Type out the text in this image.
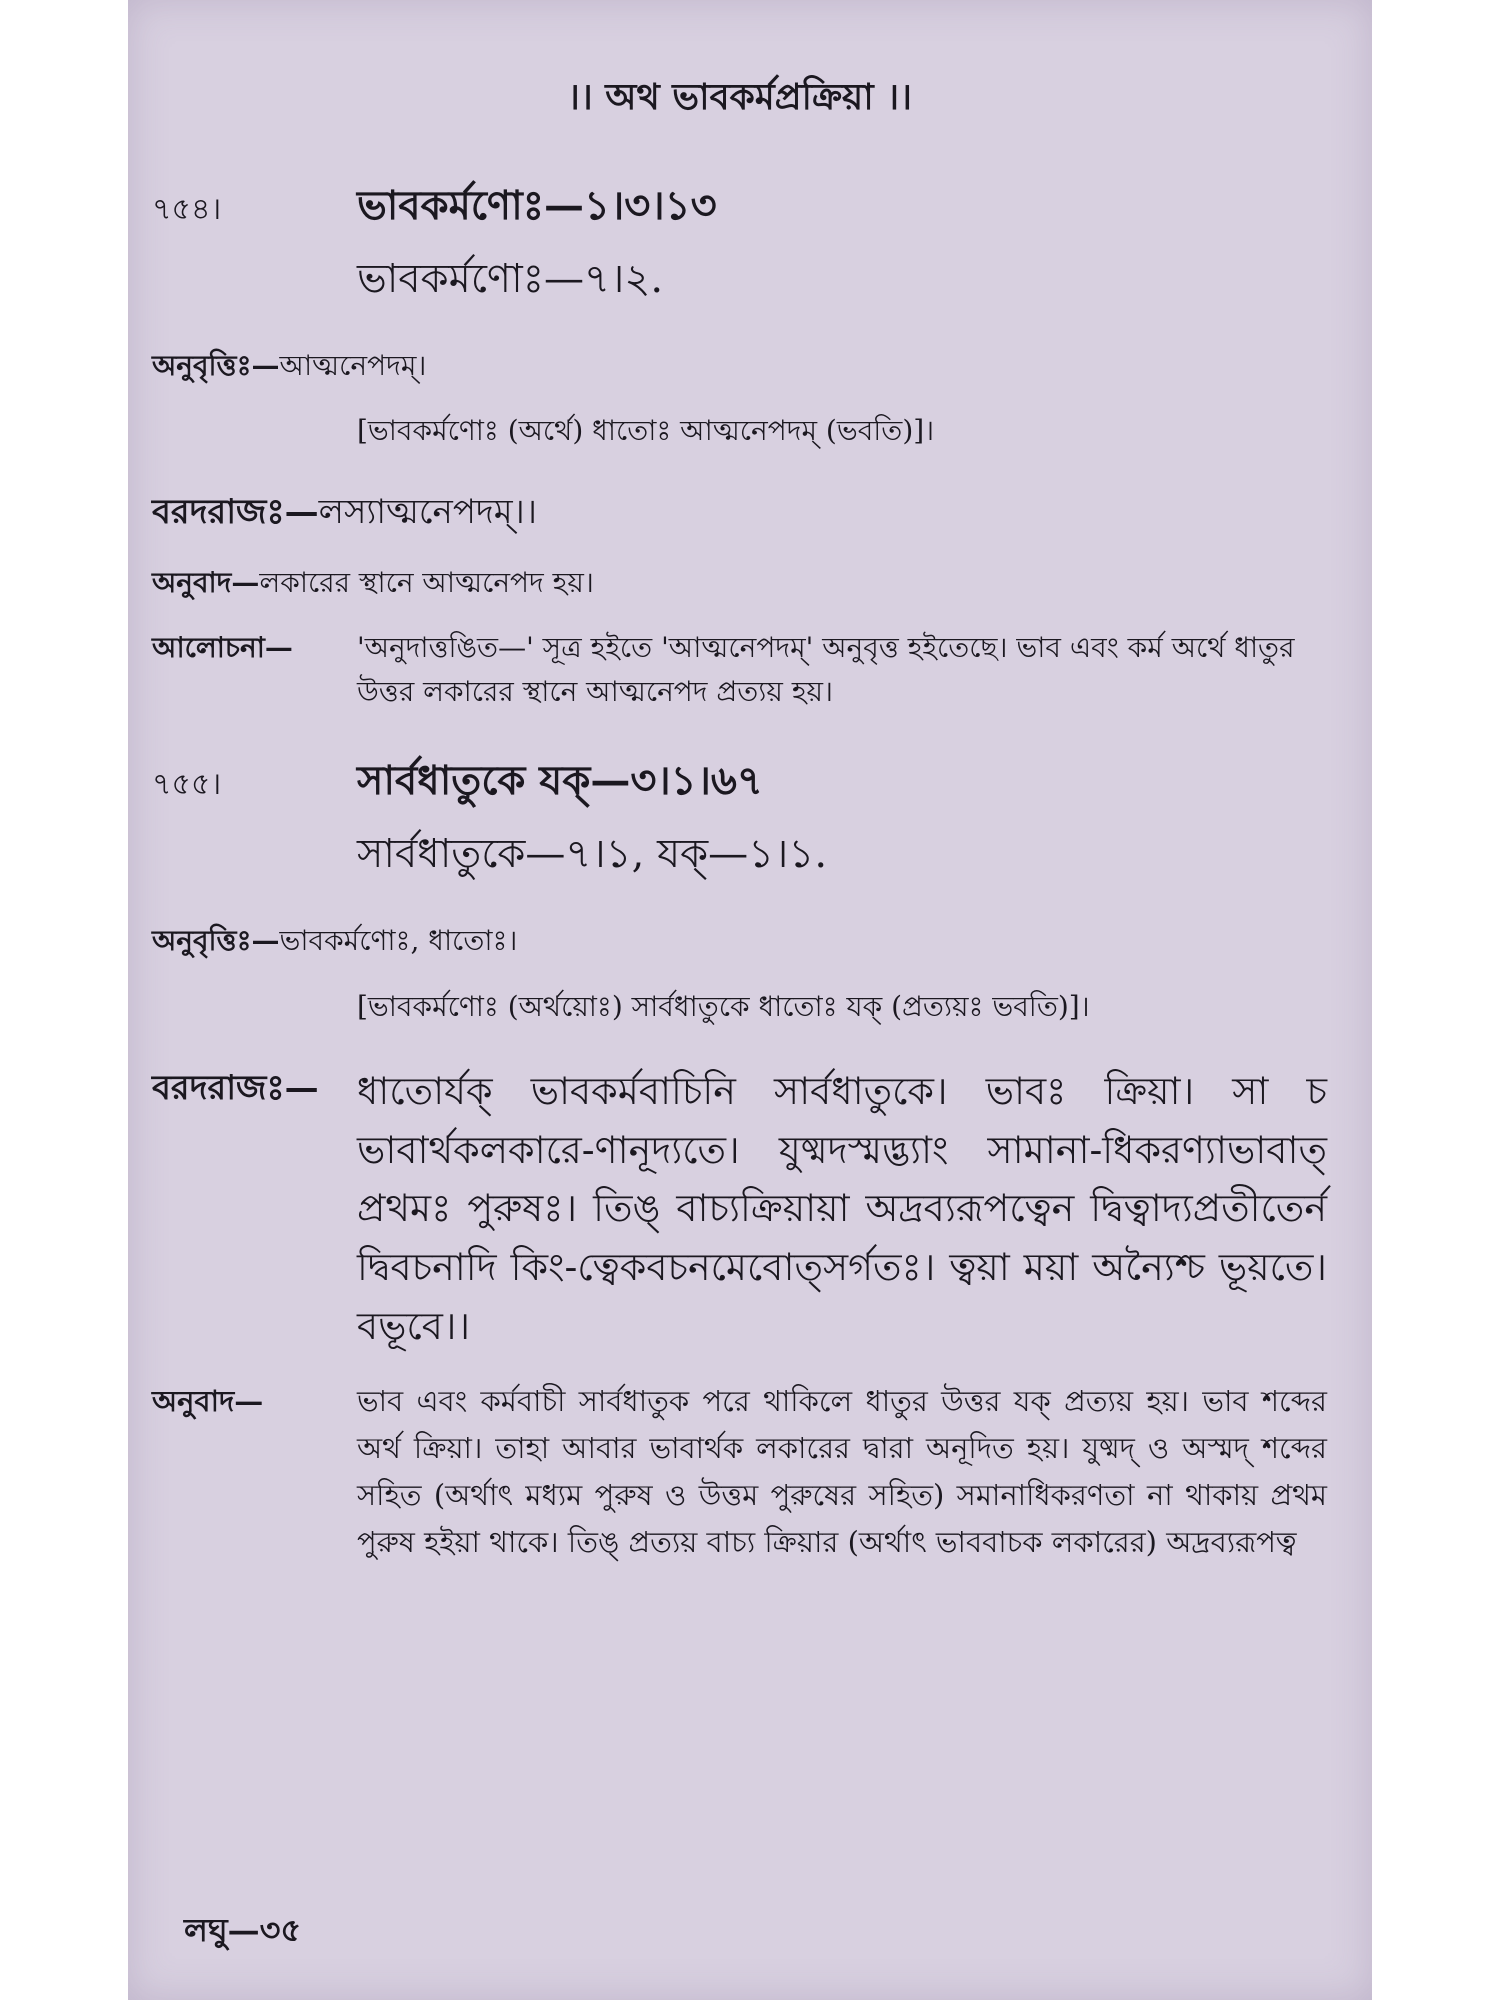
।। অথ ভাবকর্মপ্রক্রিয়া ।।
৭৫৪।	ভাবকর্মণোঃ—১।৩।১৩
ভাবকর্মণোঃ—৭।২.
অনুবৃত্তিঃ—আত্মনেপদম্।
[ভাবকর্মণোঃ (অর্থে) ধাতোঃ আত্মনেপদম্ (ভবতি)]।
বরদরাজঃ—লস্যাত্মনেপদম্।।
অনুবাদ—লকারের স্থানে আত্মনেপদ হয়।
আলোচনা—	'অনুদাত্তঙিত—' সূত্র হইতে 'আত্মনেপদম্' অনুবৃত্ত হইতেছে। ভাব এবং কর্ম অর্থে ধাতুর উত্তর লকারের স্থানে আত্মনেপদ প্রত্যয় হয়।
৭৫৫।	সার্বধাতুকে যক্—৩।১।৬৭
সার্বধাতুকে—৭।১, যক্—১।১.
অনুবৃত্তিঃ—ভাবকর্মণোঃ, ধাতোঃ।
[ভাবকর্মণোঃ (অর্থয়োঃ) সার্বধাতুকে ধাতোঃ যক্ (প্রত্যয়ঃ ভবতি)]।
বরদরাজঃ—	ধাতোর্যক্ ভাবকর্মবাচিনি সার্বধাতুকে। ভাবঃ ক্রিয়া। সা চ ভাবার্থকলকারে-ণানূদ্যতে। যুষ্মদস্মদ্ভ্যাং সামানা-ধিকরণ্যাভাবাত্ প্রথমঃ পুরুষঃ। তিঙ্ বাচ্যক্রিয়ায়া অদ্রব্যরূপত্বেন দ্বিত্বাদ্যপ্রতীতের্ন দ্বিবচনাদি কিং-ত্বেকবচনমেবোত্সর্গতঃ। ত্বয়া ময়া অন্যৈশ্চ ভূয়তে। বভূবে।।
অনুবাদ—	ভাব এবং কর্মবাচী সার্বধাতুক পরে থাকিলে ধাতুর উত্তর যক্ প্রত্যয় হয়। ভাব শব্দের অর্থ ক্রিয়া। তাহা আবার ভাবার্থক লকারের দ্বারা অনূদিত হয়। যুষ্মদ্ ও অস্মদ্ শব্দের সহিত (অর্থাৎ মধ্যম পুরুষ ও উত্তম পুরুষের সহিত) সমানাধিকরণতা না থাকায় প্রথম পুরুষ হইয়া থাকে। তিঙ্ প্রত্যয় বাচ্য ক্রিয়ার (অর্থাৎ ভাববাচক লকারের) অদ্রব্যরূপত্ব
লঘু—৩৫
